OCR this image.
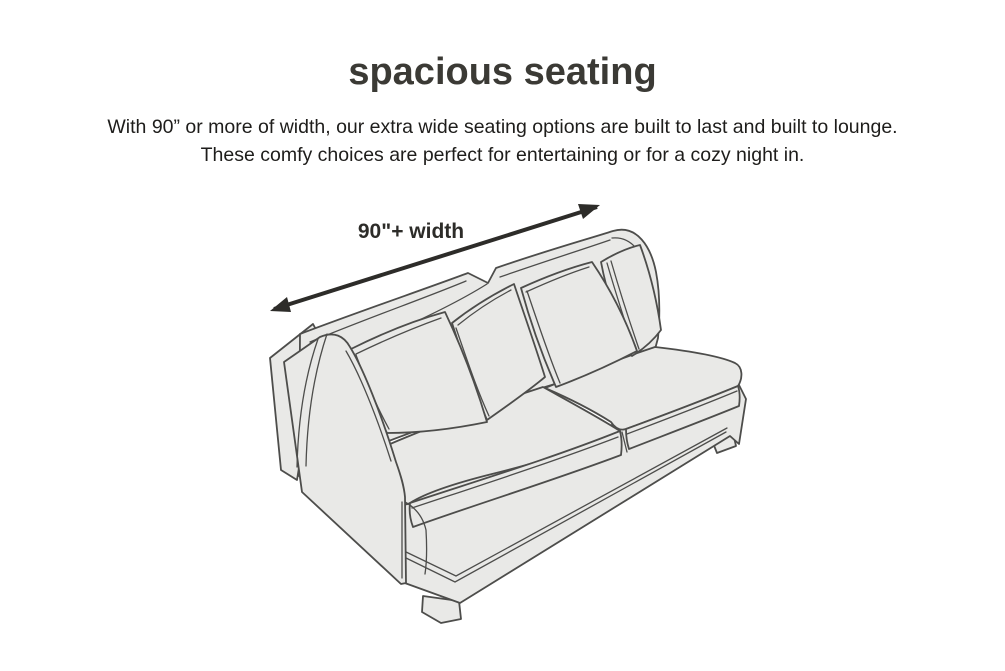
spacious seating

With 90” or more of width, our extra wide seating options are built to last and built to lounge.

These comfy choices are perfect for entertaining or for a cozy night in.

90"+ width
